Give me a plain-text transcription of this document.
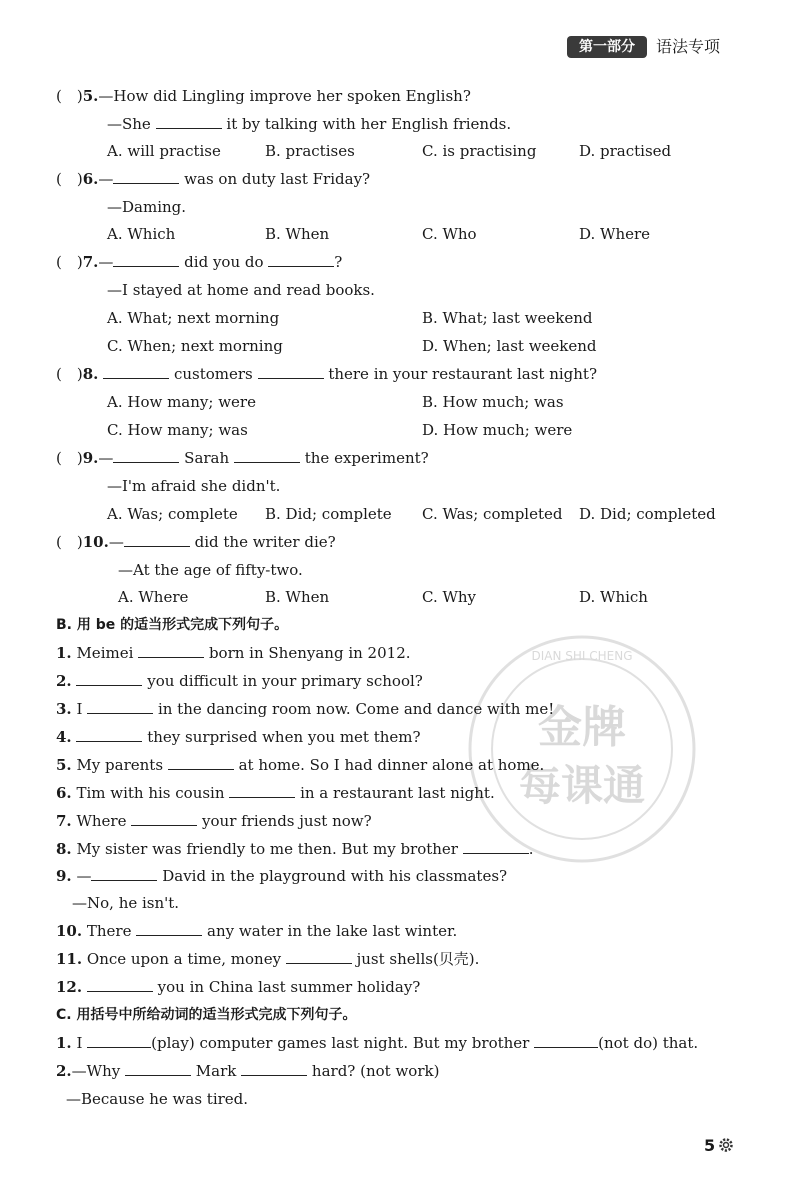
第一部分	语法专项
金牌
每课通
DIAN SHI CHENG
(　)5.—How did Lingling improve her spoken English?
—She	it by talking with her English friends.
A. will practise	B. practises	C. is practising	D. practised
(　)6.—	was on duty last Friday?
—Daming.
A. Which	B. When	C. Who	D. Where
(　)7.—	did you do	?
—I stayed at home and read books.
A. What; next morning	B. What; last weekend
C. When; next morning	D. When; last weekend
(　)8.	customers	there in your restaurant last night?
A. How many; were	B. How much; was
C. How many; was	D. How much; were
(　)9.—	Sarah	the experiment?
—I'm afraid she didn't.
A. Was; complete B. Did; complete C. Was; completed D. Did; completed
(　)10.—	did the writer die?
—At the age of fifty-two.
A. Where	B. When	C. Why	D. Which
B. 用 be 的适当形式完成下列句子。
1. Meimei	born in Shenyang in 2012.
2.	you difficult in your primary school?
3. I	in the dancing room now. Come and dance with me!
4.	they surprised when you met them?
5. My parents	at home. So I had dinner alone at home.
6. Tim with his cousin	in a restaurant last night.
7. Where	your friends just now?
8. My sister was friendly to me then. But my brother	.
9. —	David in the playground with his classmates?
—No, he isn't.
10. There	any water in the lake last winter.
11. Once upon a time, money	just shells(贝壳).
12.	you in China last summer holiday?
C. 用括号中所给动词的适当形式完成下列句子。
1. I	(play) computer games last night. But my brother	(not do) that.
2.—Why	Mark	hard? (not work)
—Because he was tired.
5
